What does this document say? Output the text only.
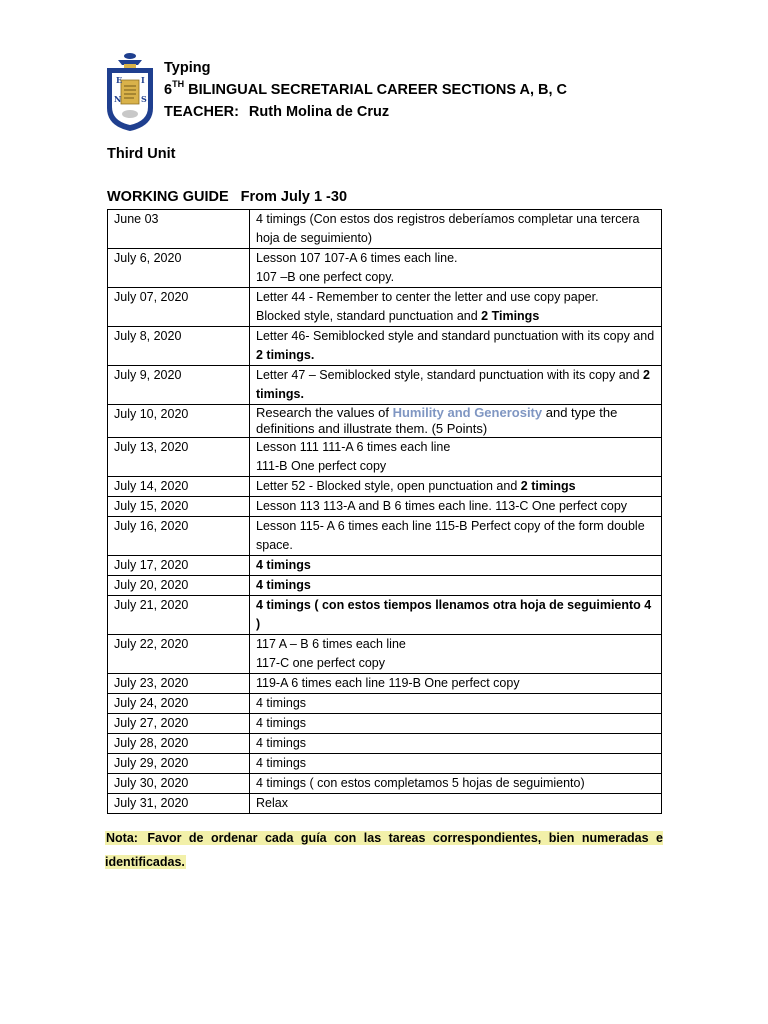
E I
N S
Typing
6TH BILINGUAL SECRETARIAL CAREER SECTIONS A, B, C
TEACHER: Ruth Molina de Cruz
Third Unit
WORKING GUIDE From July 1 -30
June 03	4 timings (Con estos dos registros deberíamos completar una tercera hoja de seguimiento)

July 6, 2020	Lesson 107 107-A 6 times each line.
107 –B one perfect copy.

July 07, 2020	Letter 44 - Remember to center the letter and use copy paper.
Blocked style, standard punctuation and 2 Timings

July 8, 2020	Letter 46- Semiblocked style and standard punctuation with its copy and 2 timings.

July 9, 2020	Letter 47 – Semiblocked style, standard punctuation with its copy and 2 timings.

July 10, 2020	Research the values of Humility and Generosity and type the definitions and illustrate them. (5 Points)

July 13, 2020	Lesson 111 111-A 6 times each line
111-B One perfect copy

July 14, 2020	Letter 52 - Blocked style, open punctuation and 2 timings

July 15, 2020	Lesson 113 113-A and B 6 times each line. 113-C One perfect copy

July 16, 2020	Lesson 115- A 6 times each line 115-B Perfect copy of the form double space.

July 17, 2020	4 timings

July 20, 2020	4 timings

July 21, 2020	4 timings ( con estos tiempos llenamos otra hoja de seguimiento 4 )

July 22, 2020	117 A – B 6 times each line
117-C one perfect copy

July 23, 2020	119-A 6 times each line 119-B One perfect copy

July 24, 2020	4 timings

July 27, 2020	4 timings

July 28, 2020	4 timings

July 29, 2020	4 timings

July 30, 2020	4 timings ( con estos completamos 5 hojas de seguimiento)

July 31, 2020	Relax
Nota: Favor de ordenar cada guía con las tareas correspondientes, bien numeradas e identificadas.
